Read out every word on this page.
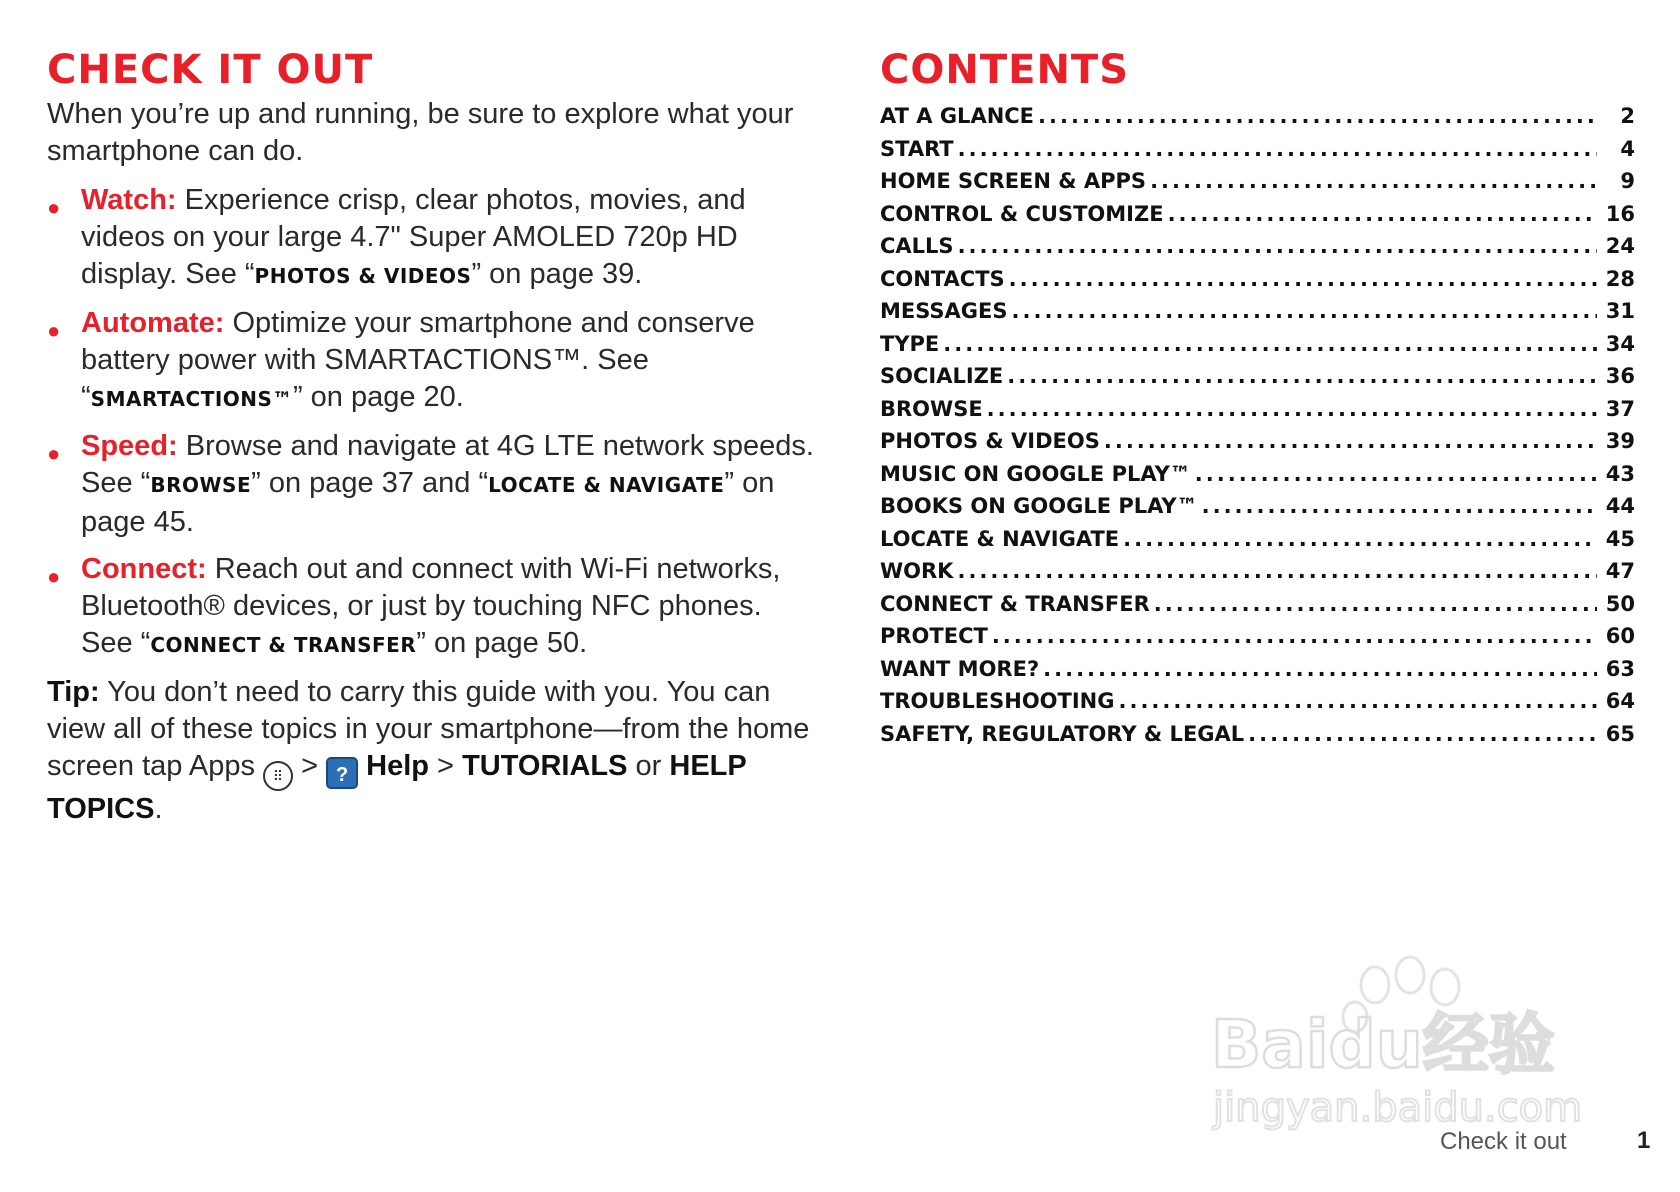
CHECK IT OUT

When you’re up and running, be sure to explore what your smartphone can do.

● Watch: Experience crisp, clear photos, movies, and videos on your large 4.7" Super AMOLED 720p HD display. See “PHOTOS & VIDEOS” on page 39.
● Automate: Optimize your smartphone and conserve battery power with SMARTACTIONS™. See “SMARTACTIONS™” on page 20.
● Speed: Browse and navigate at 4G LTE network speeds. See “BROWSE” on page 37 and “LOCATE & NAVIGATE” on page 45.
● Connect: Reach out and connect with Wi-Fi networks, Bluetooth® devices, or just by touching NFC phones. See “CONNECT & TRANSFER” on page 50.

Tip: You don’t need to carry this guide with you. You can view all of these topics in your smartphone—from the home screen tap Apps ⠿ > ? Help > TUTORIALS or HELP TOPICS.

CONTENTS
AT A GLANCE .....	2
START .....	4
HOME SCREEN & APPS .....	9
CONTROL & CUSTOMIZE .....	16
CALLS .....	24
CONTACTS .....	28
MESSAGES .....	31
TYPE .....	34
SOCIALIZE .....	36
BROWSE .....	37
PHOTOS & VIDEOS .....	39
MUSIC ON GOOGLE PLAY™ .....	43
BOOKS ON GOOGLE PLAY™ .....	44
LOCATE & NAVIGATE .....	45
WORK .....	47
CONNECT & TRANSFER .....	50
PROTECT .....	60
WANT MORE? .....	63
TROUBLESHOOTING .....	64
SAFETY, REGULATORY & LEGAL .....	65
Baidu经验
jingyan.baidu.com
Check it out	1
